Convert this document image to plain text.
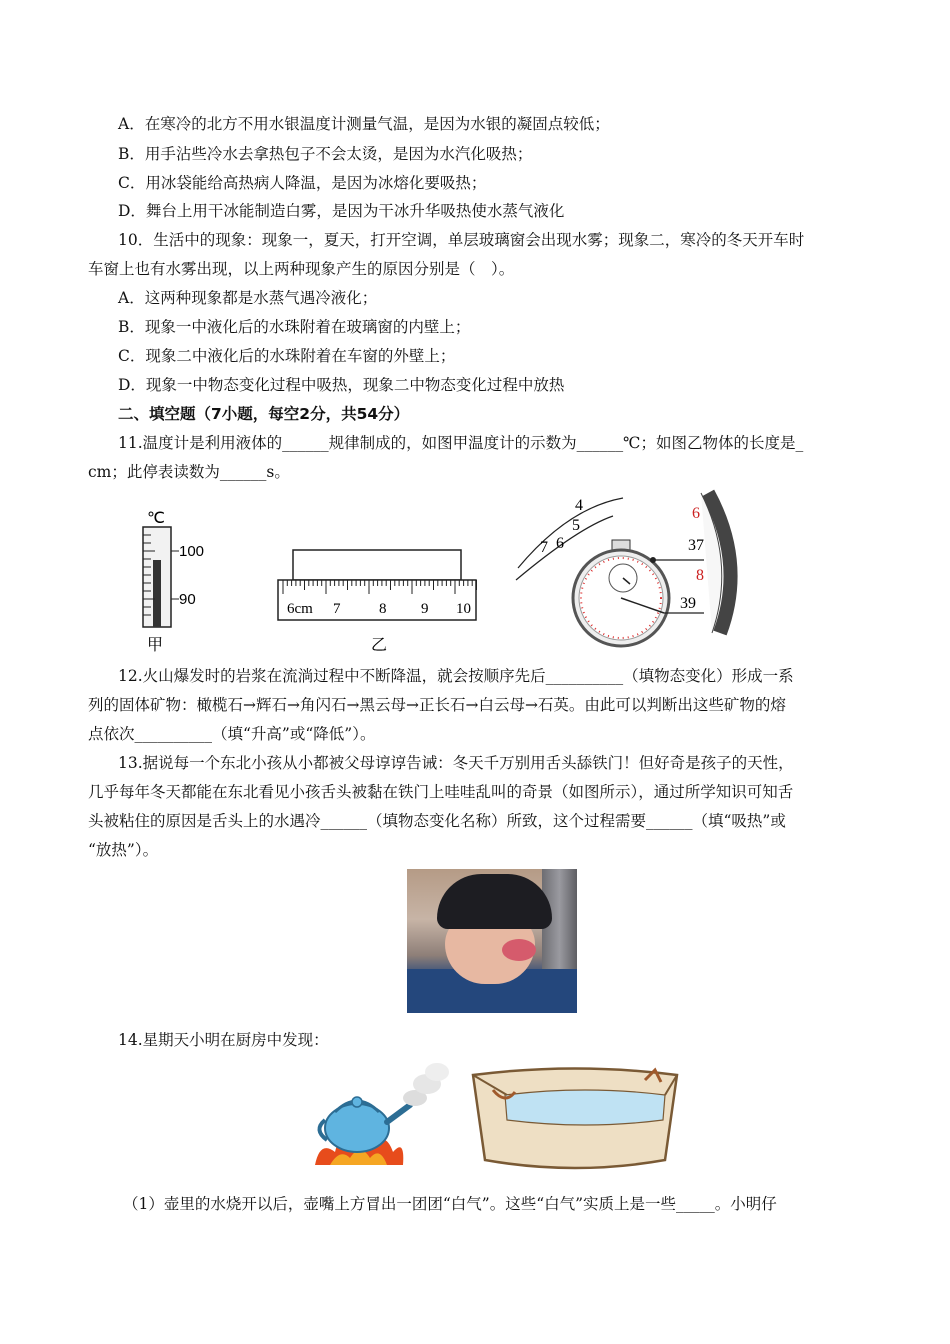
A．在寒冷的北方不用水银温度计测量气温，是因为水银的凝固点较低；
B．用手沾些冷水去拿热包子不会太烫，是因为水汽化吸热；
C．用冰袋能给高热病人降温，是因为冰熔化要吸热；
D．舞台上用干冰能制造白雾，是因为干冰升华吸热使水蒸气液化
10．生活中的现象：现象一，夏天，打开空调，单层玻璃窗会出现水雾；现象二，寒冷的冬天开车时
车窗上也有水雾出现，以上两种现象产生的原因分别是（　）。
A．这两种现象都是水蒸气遇冷液化；
B．现象一中液化后的水珠附着在玻璃窗的内壁上；
C．现象二中液化后的水珠附着在车窗的外壁上；
D．现象一中物态变化过程中吸热，现象二中物态变化过程中放热
二、填空题（7小题，每空2分，共54分）
11.温度计是利用液体的______规律制成的，如图甲温度计的示数为______℃；如图乙物体的长度是_
cm；此停表读数为______s。
℃
100
90
甲
6cm 7	8 9 10
乙
4
5
6
7
6
37
8
39
12.火山爆发时的岩浆在流淌过程中不断降温，就会按顺序先后__________（填物态变化）形成一系
列的固体矿物：橄榄石→辉石→角闪石→黑云母→正长石→白云母→石英。由此可以判断出这些矿物的熔
点依次__________（填“升高”或“降低”）。
13.据说每一个东北小孩从小都被父母谆谆告诫：冬天千万别用舌头舔铁门！但好奇是孩子的天性，
几乎每年冬天都能在东北看见小孩舌头被黏在铁门上哇哇乱叫的奇景（如图所示），通过所学知识可知舌
头被粘住的原因是舌头上的水遇冷______（填物态变化名称）所致，这个过程需要______（填“吸热”或
“放热”）。
14.星期天小明在厨房中发现：
（1）壶里的水烧开以后，壶嘴上方冒出一团团“白气”。这些“白气”实质上是一些_____。小明仔
